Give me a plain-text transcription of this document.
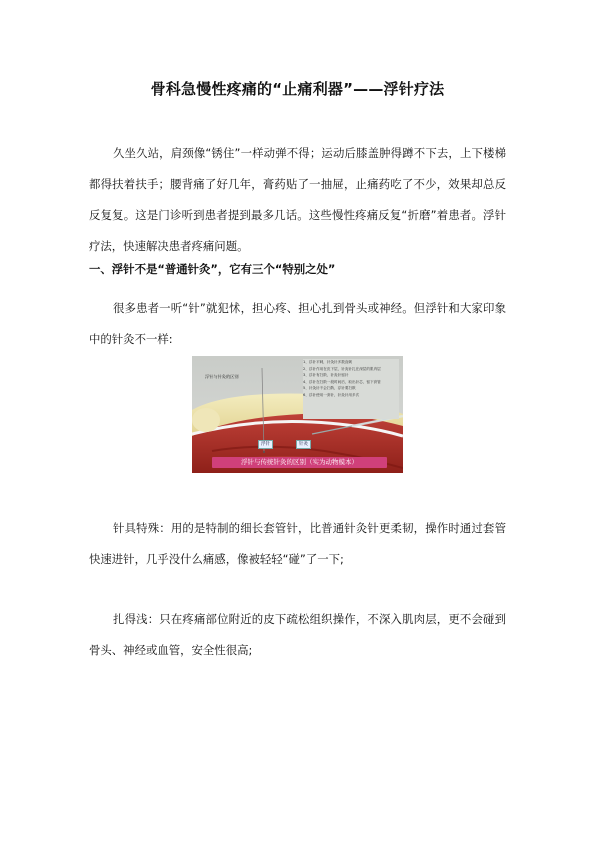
骨科急慢性疼痛的“止痛利器”——浮针疗法

久坐久站，肩颈像“锈住”一样动弹不得；运动后膝盖肿得蹲不下去，上下楼梯都得扶着扶手；腰背痛了好几年，膏药贴了一抽屉，止痛药吃了不少，效果却总反反复复。这是门诊听到患者提到最多几话。这些慢性疼痛反复“折磨”着患者。浮针疗法，快速解决患者疼痛问题。

一、浮针不是“普通针灸”，它有三个“特别之处”

很多患者一听“针”就犯怵，担心疼、担心扎到骨头或神经。但浮针和大家印象中的针灸不一样:

浮针与针灸的区别
1、浮针平刺，针灸针多数直刺
2、浮针作用在皮下层，针灸针扎在深层的肌肉层
3、浮针有扫散，针灸针留针
4、浮针在扫散一段时间后，取出针芯，留下套管
5、针灸针不会扫散，浮针要扫散
6、浮针使用一套针，针灸针用多次
浮针	针灸
浮针与传统针灸的区别（实为动物模本）

针具特殊：用的是特制的细长套管针，比普通针灸针更柔韧，操作时通过套管快速进针，几乎没什么痛感，像被轻轻“碰”了一下;

扎得浅：只在疼痛部位附近的皮下疏松组织操作，不深入肌肉层，更不会碰到骨头、神经或血管，安全性很高;
